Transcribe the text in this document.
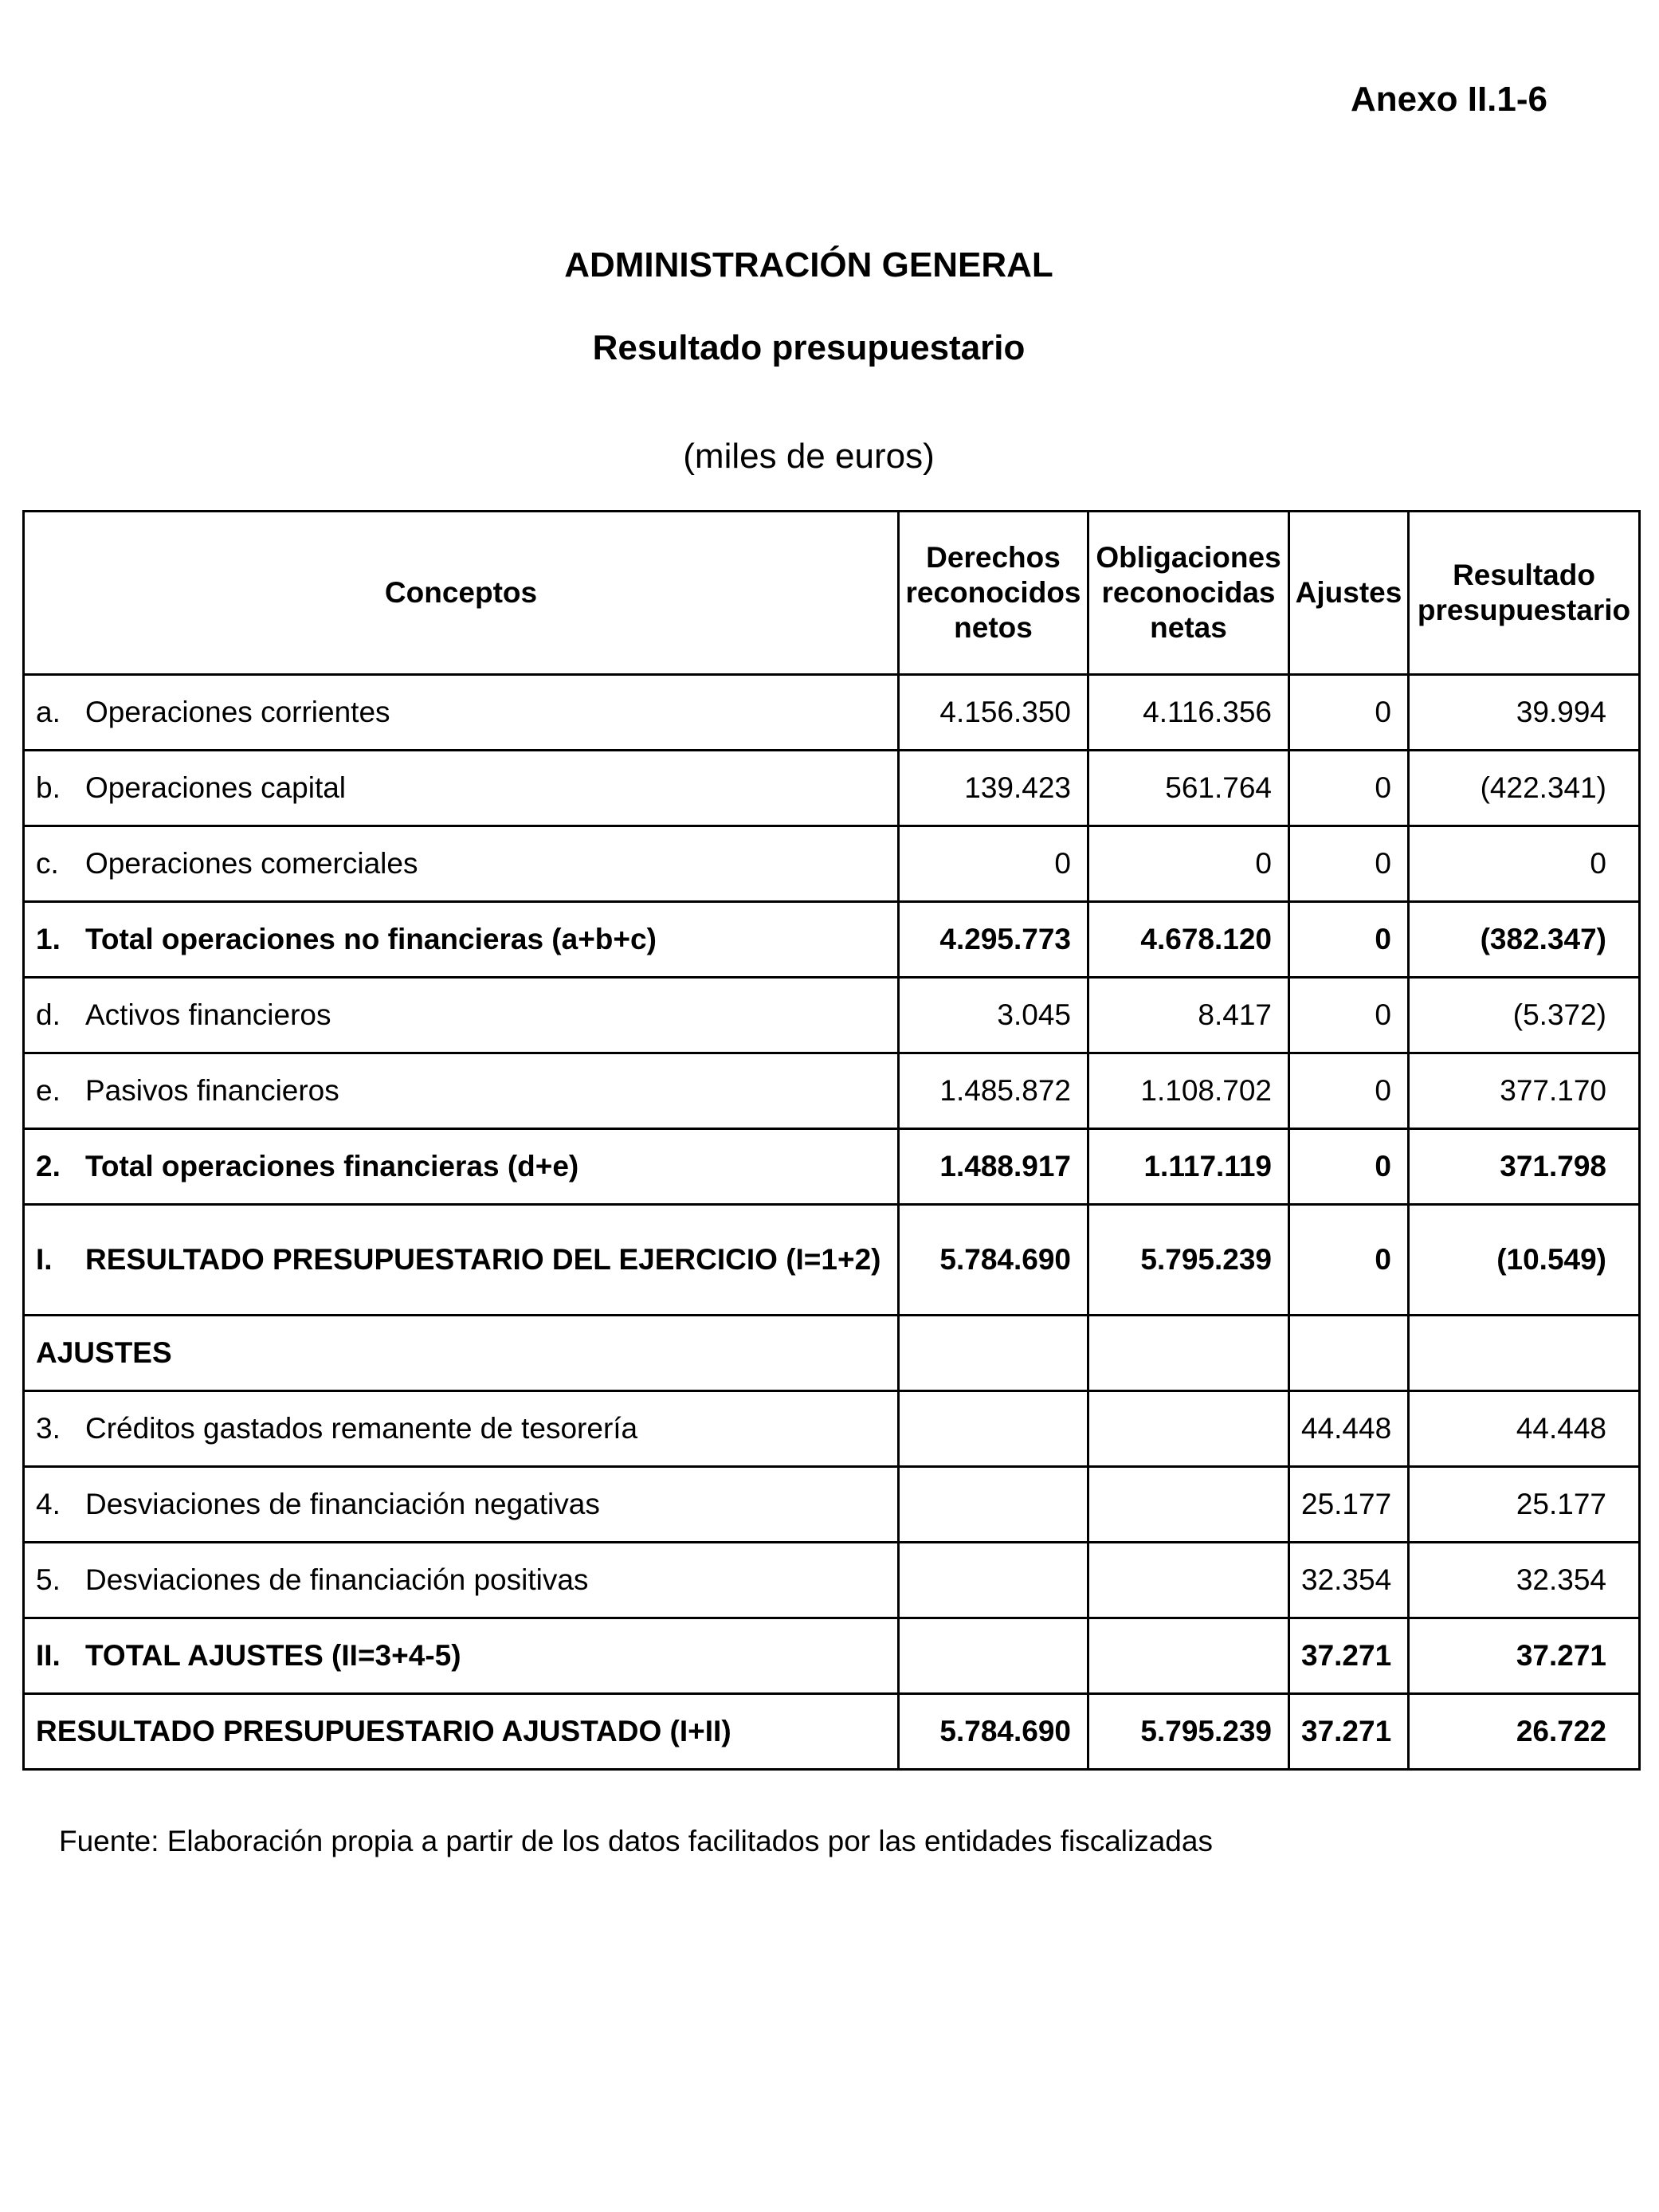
Anexo II.1-6
ADMINISTRACIÓN GENERAL
Resultado presupuestario
(miles de euros)
Conceptos	Derechos reconocidos netos	Obligaciones reconocidas netas	Ajustes	Resultado presupuestario

a. Operaciones corrientes	4.156.350	4.116.356	0	39.994

b. Operaciones capital	139.423	561.764	0	(422.341)

c. Operaciones comerciales	0	0	0	0

1. Total operaciones no financieras (a+b+c)	4.295.773	4.678.120	0	(382.347)

d. Activos financieros	3.045	8.417	0	(5.372)

e. Pasivos financieros	1.485.872	1.108.702	0	377.170

2. Total operaciones financieras (d+e)	1.488.917	1.117.119	0	371.798

I. RESULTADO PRESUPUESTARIO DEL EJERCICIO (I=1+2)	5.784.690	5.795.239	0	(10.549)
AJUSTES				

3. Créditos gastados remanente de tesorería			44.448	44.448

4. Desviaciones de financiación negativas			25.177	25.177

5. Desviaciones de financiación positivas			32.354	32.354

II. TOTAL AJUSTES (II=3+4-5)			37.271	37.271
RESULTADO PRESUPUESTARIO AJUSTADO (I+II)	5.784.690	5.795.239	37.271	26.722
Fuente: Elaboración propia a partir de los datos facilitados por las entidades fiscalizadas
